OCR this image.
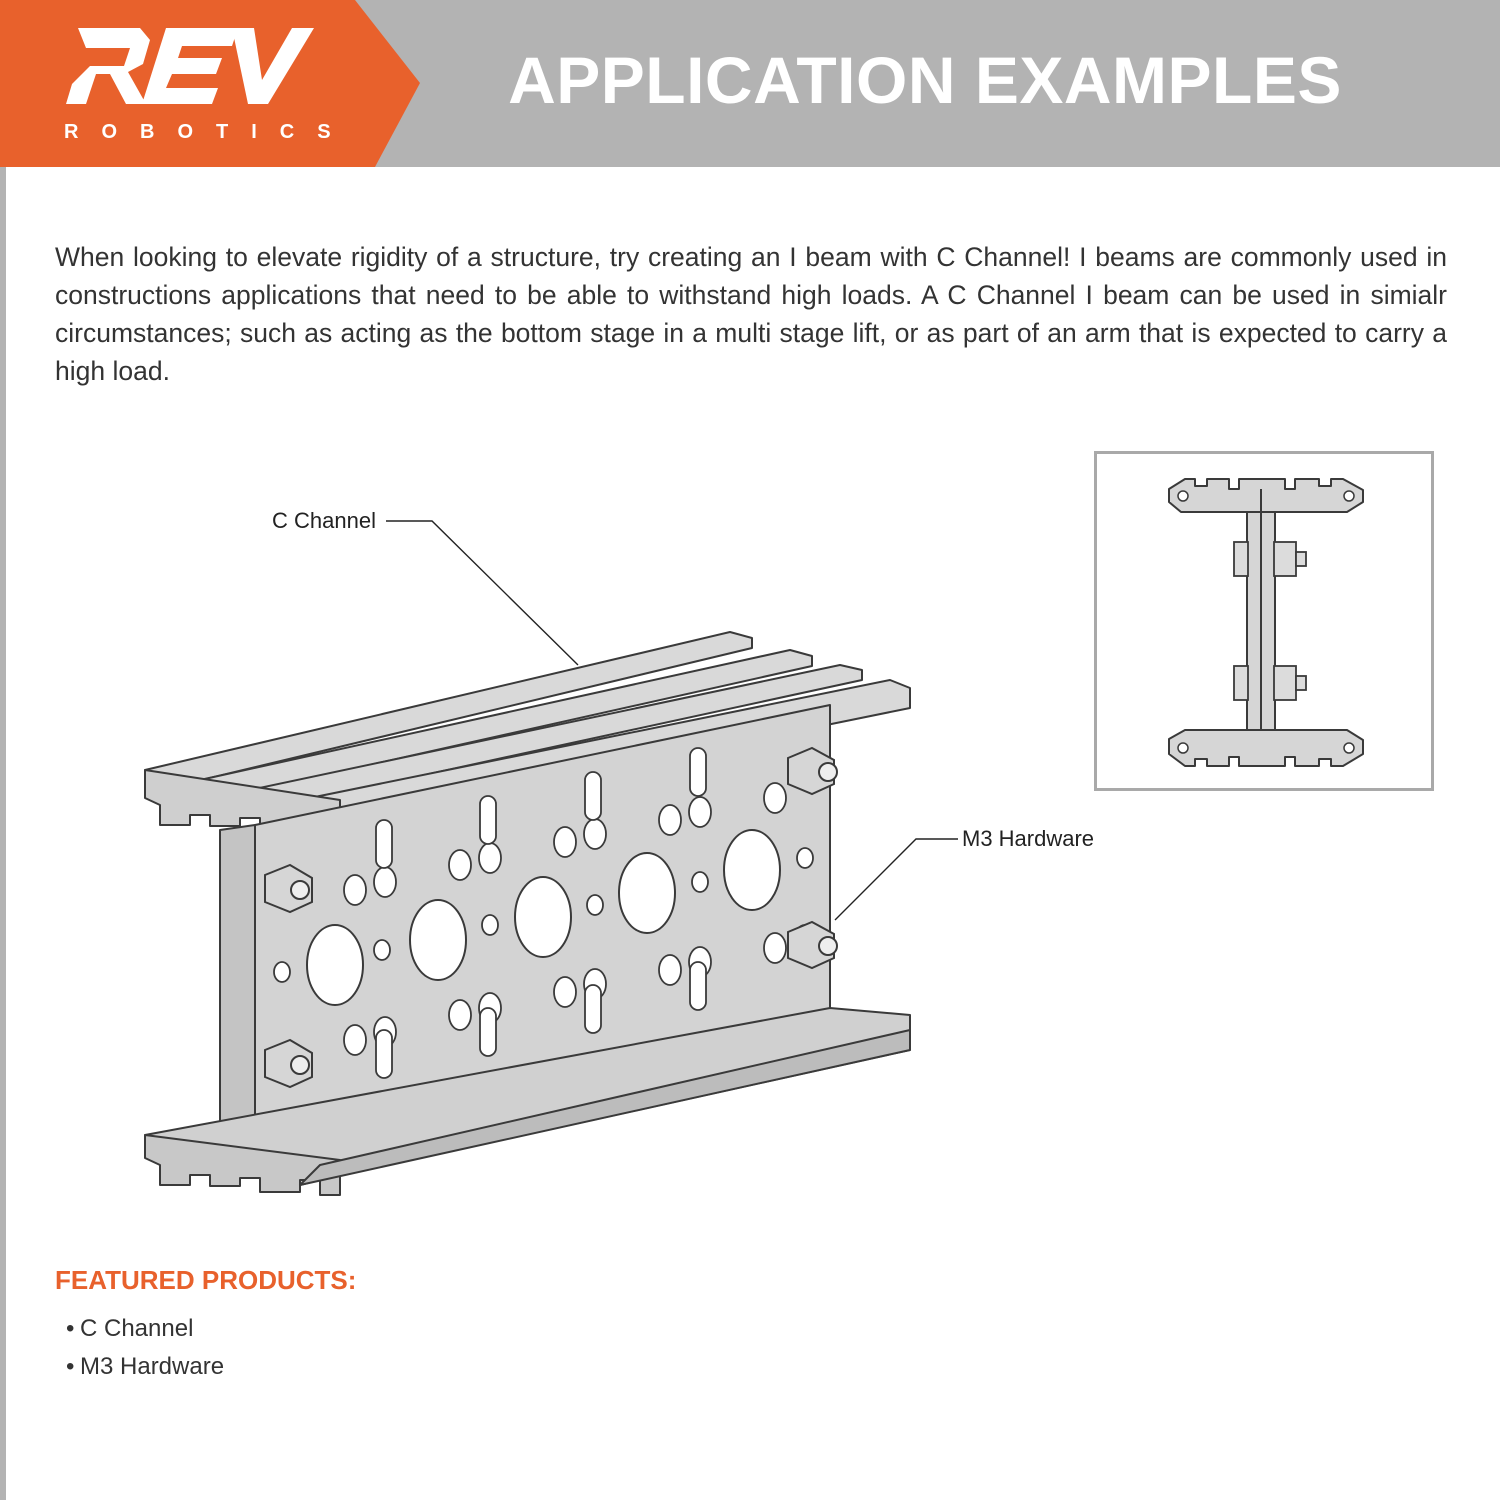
ROBOTICS
APPLICATION EXAMPLES

When looking to elevate rigidity of a structure, try creating an I beam with C Channel! I beams are commonly used in constructions applications that need to be able to withstand high loads. A C Channel I beam can be used in simialr circumstances; such as acting as the bottom stage in a multi stage lift, or as part of an arm that is expected to carry a high load.

C Channel
M3 Hardware
FEATURED PRODUCTS:
• C Channel
• M3 Hardware
